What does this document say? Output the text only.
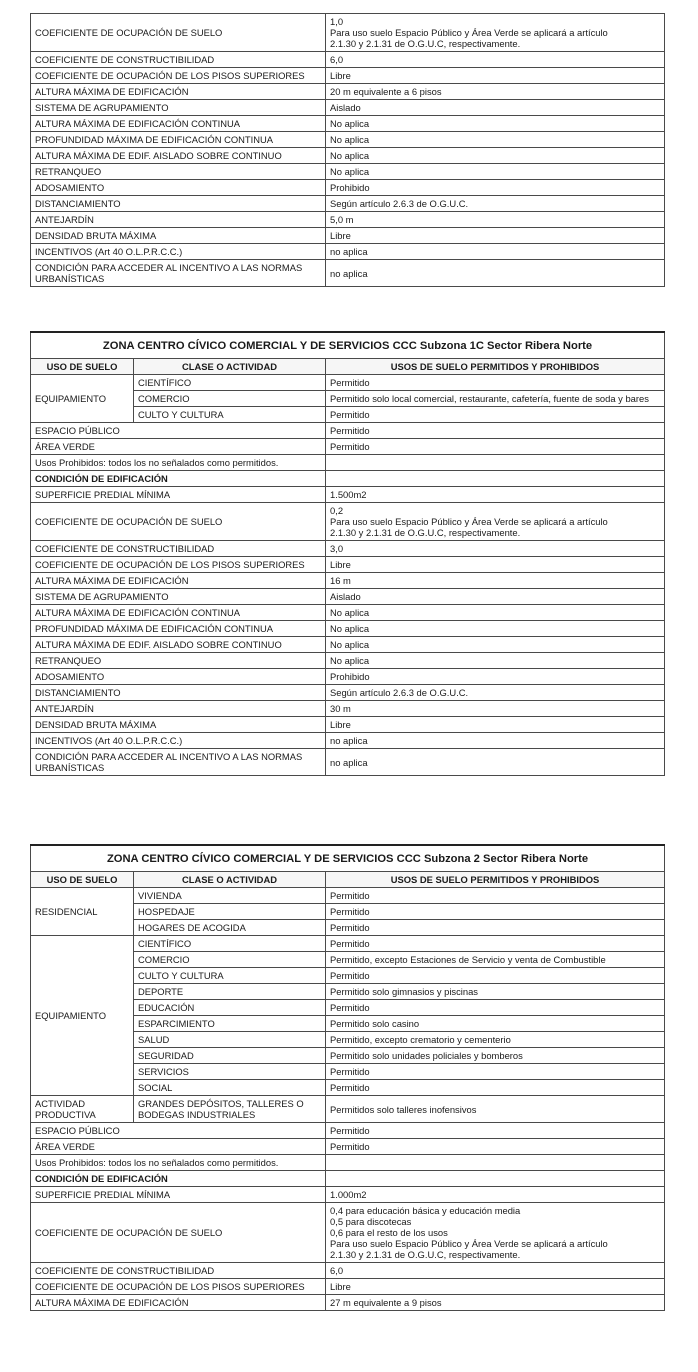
COEFICIENTE DE OCUPACIÓN DE SUELO	1,0
Para uso suelo Espacio Público y Área Verde se aplicará a artículo
2.1.30 y 2.1.31 de O.G.U.C, respectivamente.
COEFICIENTE DE CONSTRUCTIBILIDAD	6,0
COEFICIENTE DE OCUPACIÓN DE LOS PISOS SUPERIORES	Libre
ALTURA MÁXIMA DE EDIFICACIÓN	20 m equivalente a 6 pisos
SISTEMA DE AGRUPAMIENTO	Aislado
ALTURA MÁXIMA DE EDIFICACIÓN CONTINUA	No aplica
PROFUNDIDAD MÁXIMA DE EDIFICACIÓN CONTINUA	No aplica
ALTURA MÁXIMA DE EDIF. AISLADO SOBRE CONTINUO	No aplica
RETRANQUEO	No aplica
ADOSAMIENTO	Prohibido
DISTANCIAMIENTO	Según artículo 2.6.3 de O.G.U.C.
ANTEJARDÍN	5,0 m
DENSIDAD BRUTA MÁXIMA	Libre
INCENTIVOS (Art 40 O.L.P.R.C.C.)	no aplica
CONDICIÓN PARA ACCEDER AL INCENTIVO A LAS NORMAS URBANÍSTICAS	no aplica
ZONA CENTRO CÍVICO COMERCIAL Y DE SERVICIOS CCC Subzona 1C Sector Ribera Norte		
USO DE SUELO	CLASE O ACTIVIDAD	USOS DE SUELO PERMITIDOS Y PROHIBIDOS
EQUIPAMIENTO	CIENTÍFICO	Permitido
	COMERCIO	Permitido solo local comercial, restaurante, cafetería, fuente de soda y bares
	CULTO Y CULTURA	Permitido
ESPACIO PÚBLICO		Permitido
ÁREA VERDE		Permitido
Usos Prohibidos: todos los no señalados como permitidos.		
CONDICIÓN DE EDIFICACIÓN		
SUPERFICIE PREDIAL MÍNIMA		1.500m2
COEFICIENTE DE OCUPACIÓN DE SUELO		0,2
Para uso suelo Espacio Público y Área Verde se aplicará a artículo
2.1.30 y 2.1.31 de O.G.U.C, respectivamente.
COEFICIENTE DE CONSTRUCTIBILIDAD		3,0
COEFICIENTE DE OCUPACIÓN DE LOS PISOS SUPERIORES		Libre
ALTURA MÁXIMA DE EDIFICACIÓN		16 m
SISTEMA DE AGRUPAMIENTO		Aislado
ALTURA MÁXIMA DE EDIFICACIÓN CONTINUA		No aplica
PROFUNDIDAD MÁXIMA DE EDIFICACIÓN CONTINUA		No aplica
ALTURA MÁXIMA DE EDIF. AISLADO SOBRE CONTINUO		No aplica
RETRANQUEO		No aplica
ADOSAMIENTO		Prohibido
DISTANCIAMIENTO		Según artículo 2.6.3 de O.G.U.C.
ANTEJARDÍN		30 m
DENSIDAD BRUTA MÁXIMA		Libre
INCENTIVOS (Art 40 O.L.P.R.C.C.)		no aplica
CONDICIÓN PARA ACCEDER AL INCENTIVO A LAS NORMAS URBANÍSTICAS		no aplica
ZONA CENTRO CÍVICO COMERCIAL Y DE SERVICIOS CCC Subzona 2 Sector Ribera Norte		
USO DE SUELO	CLASE O ACTIVIDAD	USOS DE SUELO PERMITIDOS Y PROHIBIDOS
RESIDENCIAL	VIVIENDA	Permitido
	HOSPEDAJE	Permitido
	HOGARES DE ACOGIDA	Permitido
EQUIPAMIENTO	CIENTÍFICO	Permitido
	COMERCIO	Permitido, excepto Estaciones de Servicio y venta de Combustible
	CULTO Y CULTURA	Permitido
	DEPORTE	Permitido solo gimnasios y piscinas
	EDUCACIÓN	Permitido
	ESPARCIMIENTO	Permitido solo casino
	SALUD	Permitido, excepto crematorio y cementerio
	SEGURIDAD	Permitido solo unidades policiales y bomberos
	SERVICIOS	Permitido
	SOCIAL	Permitido
ACTIVIDAD PRODUCTIVA	GRANDES DEPÓSITOS, TALLERES O BODEGAS INDUSTRIALES	Permitidos solo talleres inofensivos
ESPACIO PÚBLICO		Permitido
ÁREA VERDE		Permitido
Usos Prohibidos: todos los no señalados como permitidos.		
CONDICIÓN DE EDIFICACIÓN		
SUPERFICIE PREDIAL MÍNIMA		1.000m2
COEFICIENTE DE OCUPACIÓN DE SUELO		0,4 para educación básica y educación media
0,5 para discotecas
0,6 para el resto de los usos
Para uso suelo Espacio Público y Área Verde se aplicará a artículo
2.1.30 y 2.1.31 de O.G.U.C, respectivamente.
COEFICIENTE DE CONSTRUCTIBILIDAD		6,0
COEFICIENTE DE OCUPACIÓN DE LOS PISOS SUPERIORES		Libre
ALTURA MÁXIMA DE EDIFICACIÓN		27 m equivalente a 9 pisos
